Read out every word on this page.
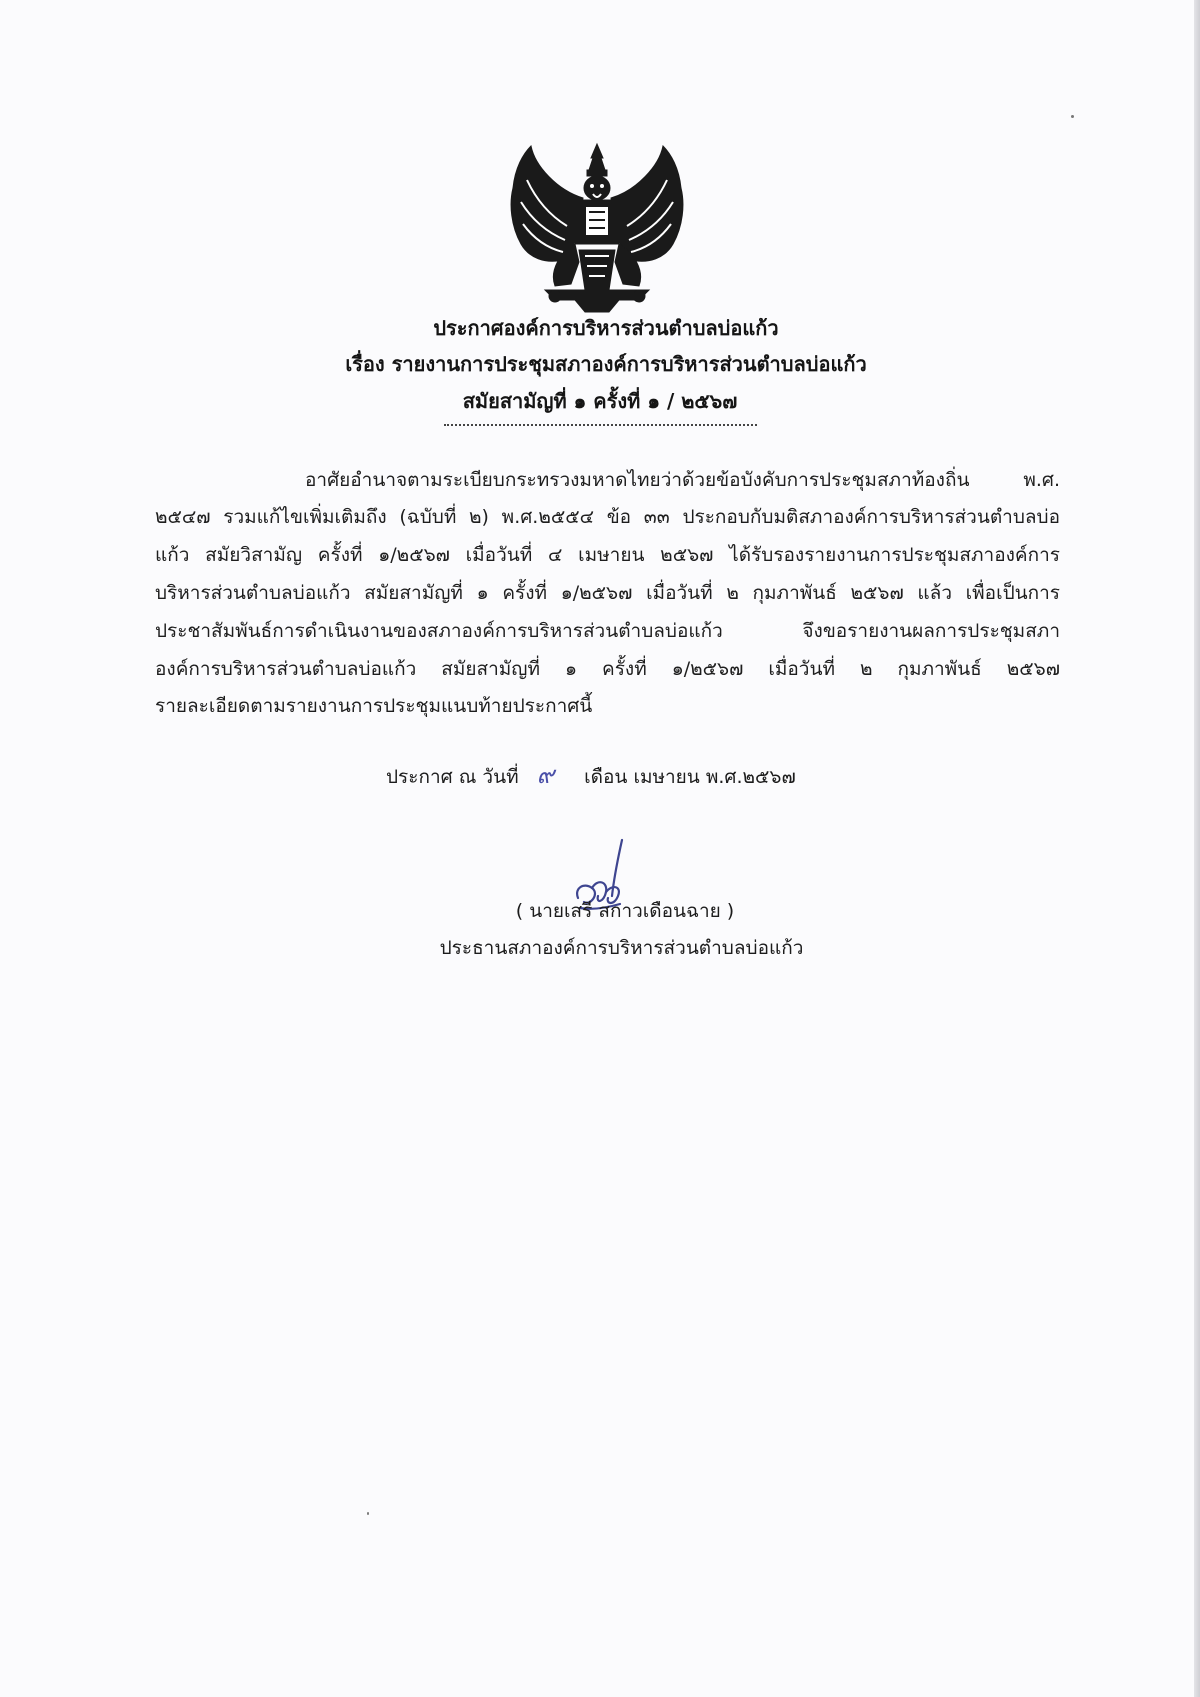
ประกาศองค์การบริหารส่วนตำบลบ่อแก้ว
เรื่อง รายงานการประชุมสภาองค์การบริหารส่วนตำบลบ่อแก้ว
สมัยสามัญที่ ๑ ครั้งที่ ๑ / ๒๕๖๗
อาศัยอำนาจตามระเบียบกระทรวงมหาดไทยว่าด้วยข้อบังคับการประชุมสภาท้องถิ่น พ.ศ.
๒๕๔๗ รวมแก้ไขเพิ่มเติมถึง (ฉบับที่ ๒) พ.ศ.๒๕๕๔ ข้อ ๓๓ ประกอบกับมติสภาองค์การบริหารส่วนตำบลบ่อ
แก้ว สมัยวิสามัญ ครั้งที่ ๑/๒๕๖๗ เมื่อวันที่ ๔ เมษายน ๒๕๖๗ ได้รับรองรายงานการประชุมสภาองค์การ
บริหารส่วนตำบลบ่อแก้ว สมัยสามัญที่ ๑ ครั้งที่ ๑/๒๕๖๗ เมื่อวันที่ ๒ กุมภาพันธ์ ๒๕๖๗ แล้ว เพื่อเป็นการ
ประชาสัมพันธ์การดำเนินงานของสภาองค์การบริหารส่วนตำบลบ่อแก้ว จึงขอรายงานผลการประชุมสภา
องค์การบริหารส่วนตำบลบ่อแก้ว สมัยสามัญที่ ๑ ครั้งที่ ๑/๒๕๖๗ เมื่อวันที่ ๒ กุมภาพันธ์ ๒๕๖๗
รายละเอียดตามรายงานการประชุมแนบท้ายประกาศนี้
ประกาศ ณ วันที่ ๙ เดือน เมษายน พ.ศ.๒๕๖๗
( นายเสรี สกาวเดือนฉาย )
ประธานสภาองค์การบริหารส่วนตำบลบ่อแก้ว
